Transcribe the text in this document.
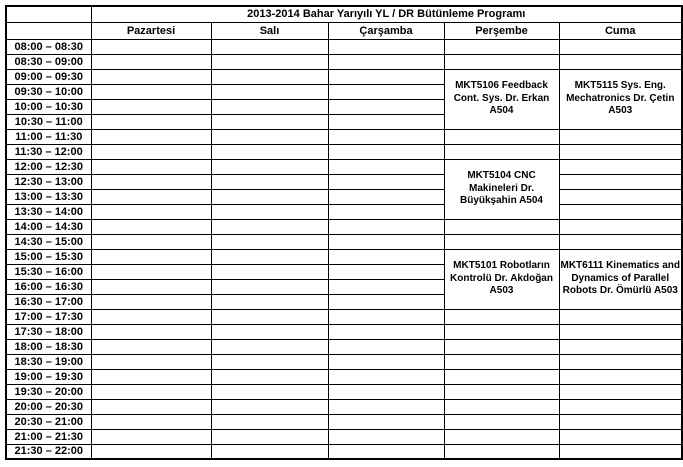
	2013-2014 Bahar Yarıyılı YL / DR Bütünleme Programı				
	Pazartesi	Salı	Çarşamba	Perşembe	Cuma
08:00 – 08:30					
08:30 – 09:00					
09:00 – 09:30				MKT5106 Feedback Cont. Sys. Dr. Erkan A504	MKT5115 Sys. Eng. Mechatronics Dr. Çetin A503
09:30 – 10:00					
10:00 – 10:30					
10:30 – 11:00					
11:00 – 11:30					
11:30 – 12:00					
12:00 – 12:30				MKT5104 CNC Makineleri Dr. Büyükşahin A504	
12:30 – 13:00					
13:00 – 13:30					
13:30 – 14:00					
14:00 – 14:30					
14:30 – 15:00					
15:00 – 15:30				MKT5101 Robotların Kontrolü Dr. Akdoğan A503	MKT6111 Kinematics and Dynamics of Parallel Robots Dr. Ömürlü A503
15:30 – 16:00					
16:00 – 16:30					
16:30 – 17:00					
17:00 – 17:30					
17:30 – 18:00					
18:00 – 18:30					
18:30 – 19:00					
19:00 – 19:30					
19:30 – 20:00					
20:00 – 20:30					
20:30 – 21:00					
21:00 – 21:30					
21:30 – 22:00					
